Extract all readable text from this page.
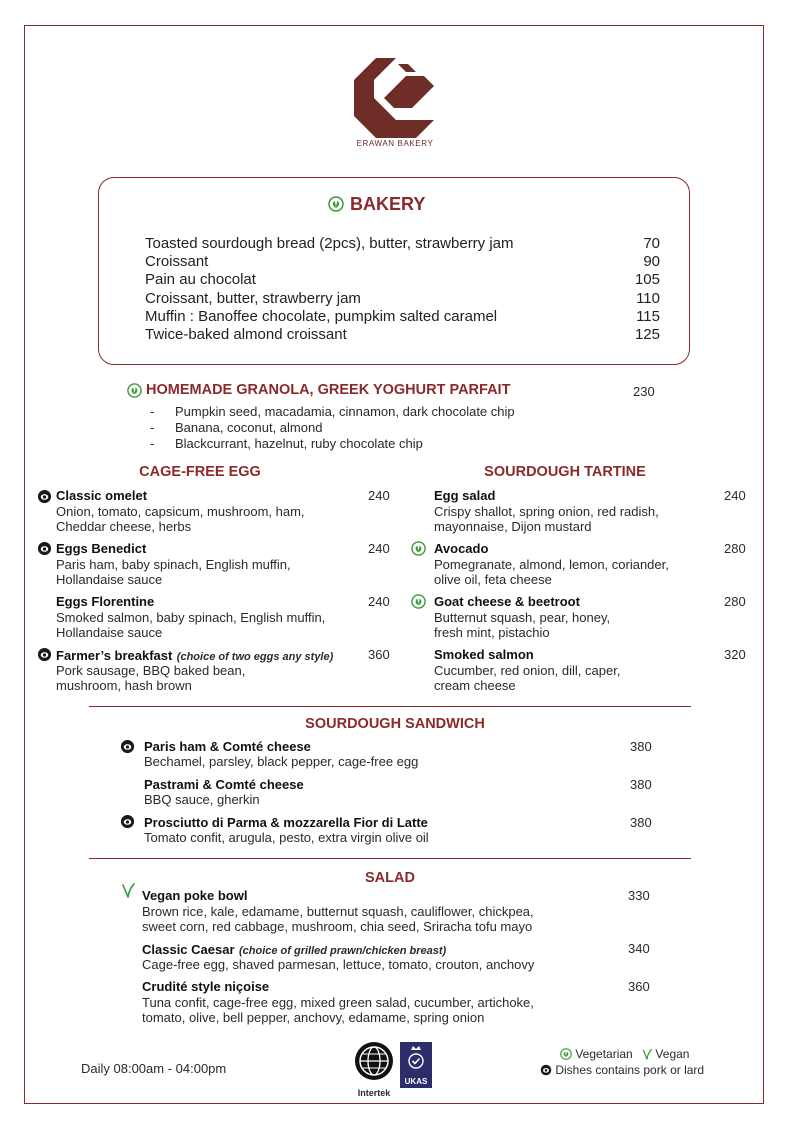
ERAWAN BAKERY
BAKERY
Toasted sourdough bread (2pcs), butter, strawberry jam	70
Croissant	90
Pain au chocolat	105
Croissant, butter, strawberry jam	110
Muffin : Banoffee chocolate, pumpkim salted caramel	115
Twice-baked almond croissant	125
HOMEMADE GRANOLA, GREEK YOGHURT PARFAIT	230
- Pumpkin seed, macadamia, cinnamon, dark chocolate chip
- Banana, coconut, almond
- Blackcurrant, hazelnut, ruby chocolate chip
CAGE-FREE EGG	SOURDOUGH TARTINE
Classic omelet	240
Onion, tomato, capsicum, mushroom, ham,
Cheddar cheese, herbs
Eggs Benedict	240
Paris ham, baby spinach, English muffin,
Hollandaise sauce
Eggs Florentine	240
Smoked salmon, baby spinach, English muffin,
Hollandaise sauce
Farmer’s breakfast (choice of two eggs any style)	360
Pork sausage, BBQ baked bean,
mushroom, hash brown
Egg salad	240
Crispy shallot, spring onion, red radish,
mayonnaise, Dijon mustard
Avocado	280
Pomegranate, almond, lemon, coriander,
olive oil, feta cheese
Goat cheese & beetroot	280
Butternut squash, pear, honey,
fresh mint, pistachio
Smoked salmon	320
Cucumber, red onion, dill, caper,
cream cheese
SOURDOUGH SANDWICH
Paris ham & Comté cheese	380
Bechamel, parsley, black pepper, cage-free egg
Pastrami & Comté cheese	380
BBQ sauce, gherkin
Prosciutto di Parma & mozzarella Fior di Latte	380
Tomato confit, arugula, pesto, extra virgin olive oil
SALAD
Vegan poke bowl	330
Brown rice, kale, edamame, butternut squash, cauliflower, chickpea,
sweet corn, red cabbage, mushroom, chia seed, Sriracha tofu mayo
Classic Caesar (choice of grilled prawn/chicken breast)	340
Cage-free egg, shaved parmesan, lettuce, tomato, crouton, anchovy
Crudité style niçoise	360
Tuna confit, cage-free egg, mixed green salad, cucumber, artichoke,
tomato, olive, bell pepper, anchovy, edamame, spring onion
Daily 08:00am - 04:00pm
Intertek
UKAS
Vegetarian Vegan
Dishes contains pork or lard
